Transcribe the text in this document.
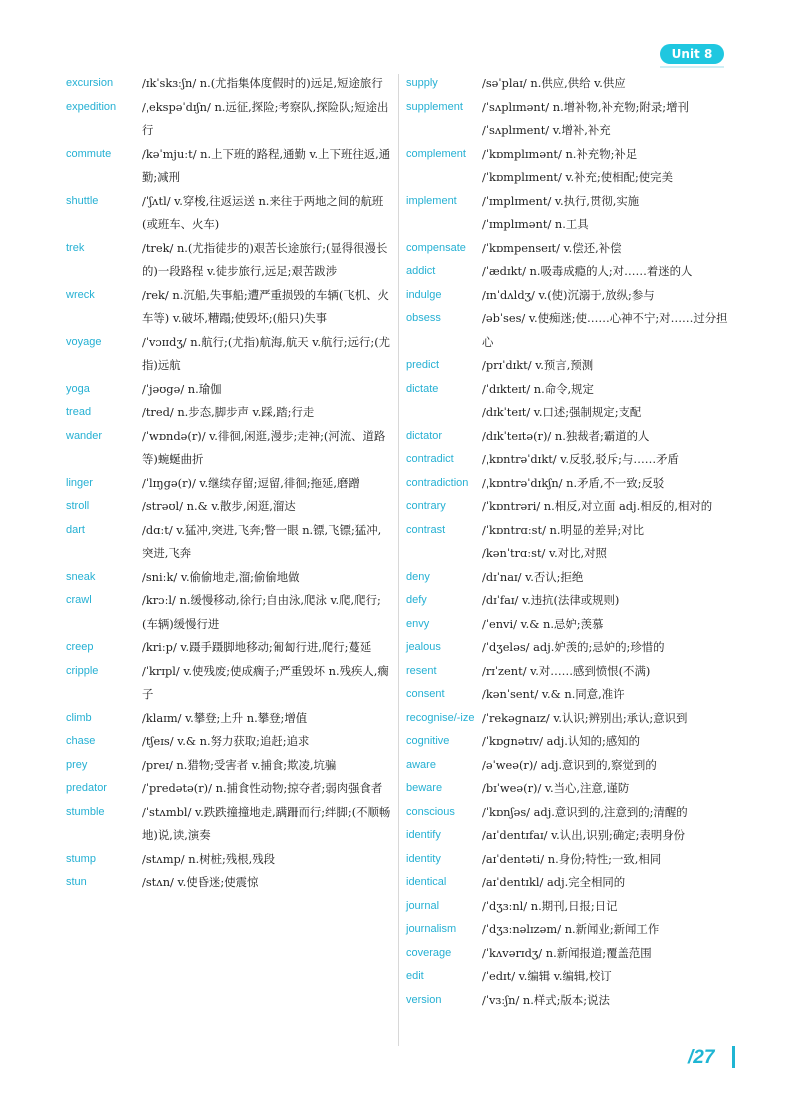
Unit 8
excursion	/ɪkˈskɜːʃn/ n.(尤指集体度假时的)远足,短途旅行
expedition /ˌekspəˈdɪʃn/ n.远征,探险;考察队,探险队;短途出行
commute	/kəˈmjuːt/ n.上下班的路程,通勤 v.上下班往返,通勤;减刑
shuttle	/ˈʃʌtl/ v.穿梭,往返运送 n.来往于两地之间的航班(或班车、火车)
trek	/trek/ n.(尤指徒步的)艰苦长途旅行;(显得很漫长的)一段路程 v.徒步旅行,远足;艰苦跋涉
wreck	/rek/ n.沉船,失事船;遭严重损毁的车辆(飞机、火车等) v.破坏,糟蹋;使毁坏;(船只)失事
voyage	/ˈvɔɪɪdʒ/ n.航行;(尤指)航海,航天 v.航行;远行;(尤指)远航
yoga	/ˈjəʊgə/ n.瑜伽
tread	/tred/ n.步态,脚步声 v.踩,踏;行走
wander	/ˈwɒndə(r)/ v.徘徊,闲逛,漫步;走神;(河流、道路等)蜿蜒曲折
linger	/ˈlɪŋgə(r)/ v.继续存留;逗留,徘徊;拖延,磨蹭
stroll	/strəʊl/ n.& v.散步,闲逛,溜达
dart	/dɑːt/ v.猛冲,突进,飞奔;瞥一眼 n.镖,飞镖;猛冲,突进,飞奔
sneak	/sniːk/ v.偷偷地走,溜;偷偷地做
crawl	/krɔːl/ n.缓慢移动,徐行;自由泳,爬泳 v.爬,爬行;(车辆)缓慢行进
creep	/kriːp/ v.蹑手蹑脚地移动;匍匐行进,爬行;蔓延
cripple	/ˈkrɪpl/ v.使残废;使成瘸子;严重毁坏 n.残疾人,瘸子
climb	/klaɪm/ v.攀登;上升 n.攀登;增值
chase	/tʃeɪs/ v.& n.努力获取;追赶;追求
prey	/preɪ/ n.猎物;受害者 v.捕食;欺凌,坑骗
predator	/ˈpredətə(r)/ n.捕食性动物;掠夺者;弱肉强食者
stumble	/ˈstʌmbl/ v.跌跌撞撞地走,蹒跚而行;绊脚;(不顺畅地)说,读,演奏
stump	/stʌmp/ n.树桩;残根,残段
stun	/stʌn/ v.使昏迷;使震惊
supply	/səˈplaɪ/ n.供应,供给 v.供应
supplement /ˈsʌplɪmənt/ n.增补物,补充物;附录;增刊
/ˈsʌplɪment/ v.增补,补充
complement /ˈkɒmplɪmənt/ n.补充物;补足
/ˈkɒmplɪment/ v.补充;使相配;使完美
implement /ˈɪmplɪment/ v.执行,贯彻,实施
/ˈɪmplɪmənt/ n.工具
compensate /ˈkɒmpenseɪt/ v.偿还,补偿
addict	/ˈædɪkt/ n.吸毒成瘾的人;对……着迷的人
indulge	/ɪnˈdʌldʒ/ v.(使)沉溺于,放纵;参与
obsess	/əbˈses/ v.使痴迷;使……心神不宁;对……过分担心
predict	/prɪˈdɪkt/ v.预言,预测
dictate	/ˈdɪkteɪt/ n.命令,规定
/dɪkˈteɪt/ v.口述;强制规定;支配
dictator	/dɪkˈteɪtə(r)/ n.独裁者;霸道的人
contradict /ˌkɒntrəˈdɪkt/ v.反驳,驳斥;与……矛盾
contradiction /ˌkɒntrəˈdɪkʃn/ n.矛盾,不一致;反驳
contrary	/ˈkɒntrəri/ n.相反,对立面 adj.相反的,相对的
contrast	/ˈkɒntrɑːst/ n.明显的差异;对比
/kənˈtrɑːst/ v.对比,对照
deny	/dɪˈnaɪ/ v.否认;拒绝
defy	/dɪˈfaɪ/ v.违抗(法律或规则)
envy	/ˈenvi/ v.& n.忌妒;羡慕
jealous	/ˈdʒeləs/ adj.妒羡的;忌妒的;珍惜的
resent	/rɪˈzent/ v.对……感到愤恨(不满)
consent	/kənˈsent/ v.& n.同意,准许
recognise/-ize /ˈrekəgnaɪz/ v.认识;辨别出;承认;意识到
cognitive	/ˈkɒgnətɪv/ adj.认知的;感知的
aware	/əˈweə(r)/ adj.意识到的,察觉到的
beware	/bɪˈweə(r)/ v.当心,注意,谨防
conscious /ˈkɒnʃəs/ adj.意识到的,注意到的;清醒的
identify	/aɪˈdentɪfaɪ/ v.认出,识别;确定;表明身份
identity	/aɪˈdentəti/ n.身份;特性;一致,相同
identical	/aɪˈdentɪkl/ adj.完全相同的
journal	/ˈdʒɜːnl/ n.期刊,日报;日记
journalism /ˈdʒɜːnəlɪzəm/ n.新闻业;新闻工作
coverage	/ˈkʌvərɪdʒ/ n.新闻报道;覆盖范围
edit	/ˈedɪt/ v.编辑 v.编辑,校订
version	/ˈvɜːʃn/ n.样式;版本;说法
/27
